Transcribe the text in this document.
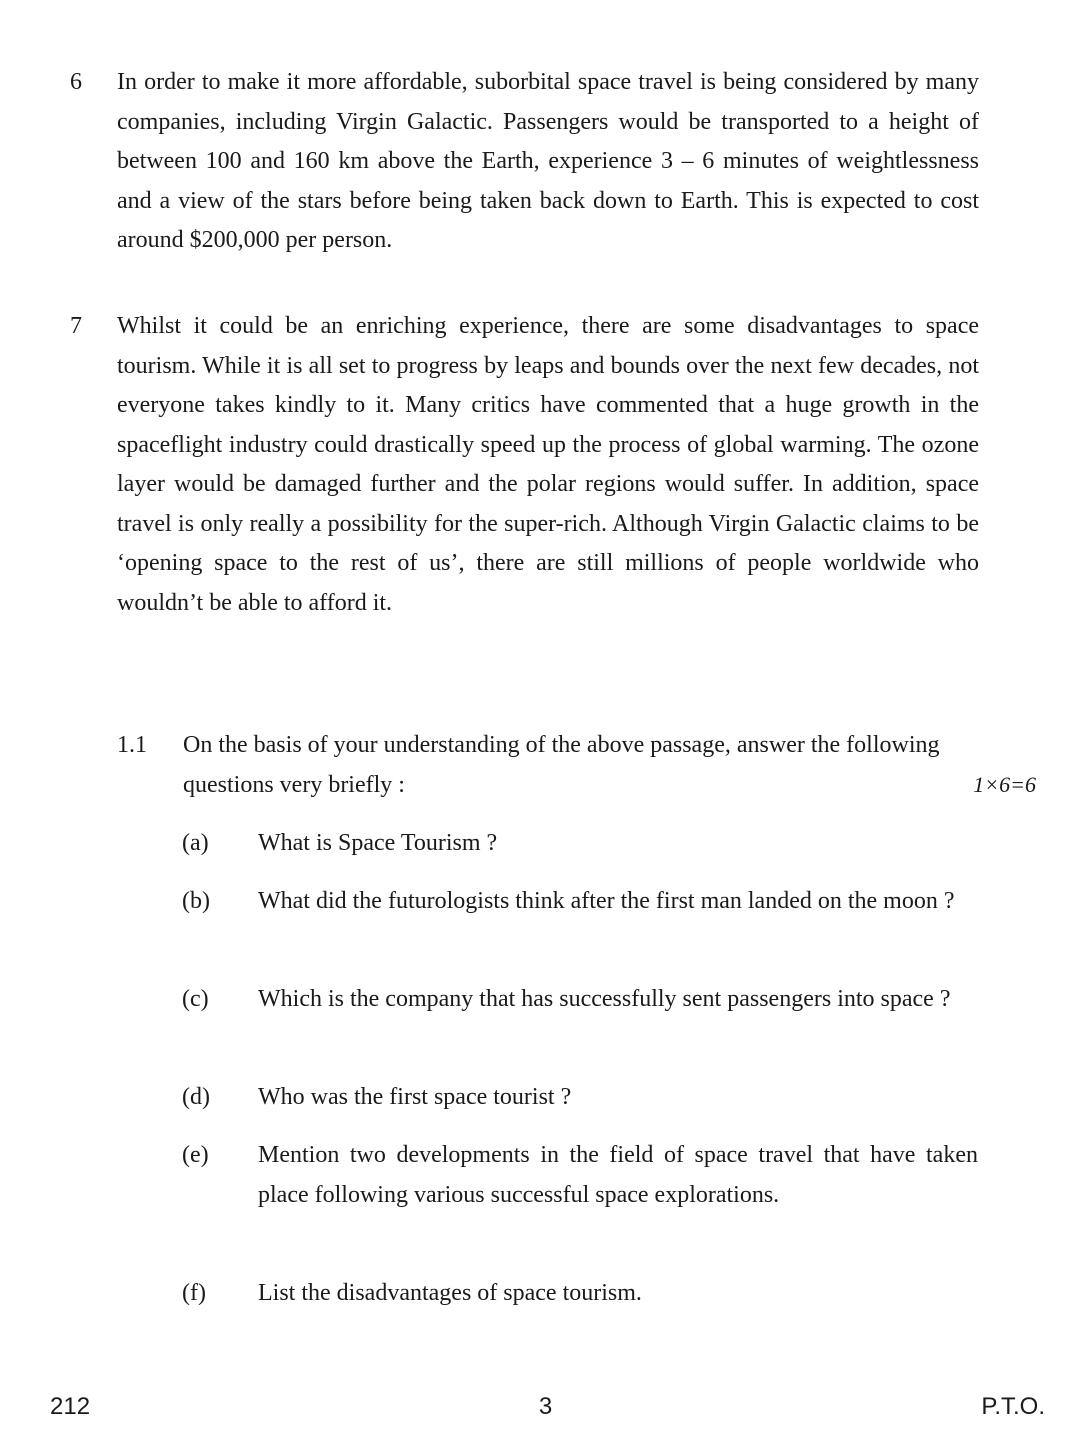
6 In order to make it more affordable, suborbital space travel is being considered by many companies, including Virgin Galactic. Passengers would be transported to a height of between 100 and 160 km above the Earth, experience 3 – 6 minutes of weightlessness and a view of the stars before being taken back down to Earth. This is expected to cost around $200,000 per person.

7 Whilst it could be an enriching experience, there are some disadvantages to space tourism. While it is all set to progress by leaps and bounds over the next few decades, not everyone takes kindly to it. Many critics have commented that a huge growth in the spaceflight industry could drastically speed up the process of global warming. The ozone layer would be damaged further and the polar regions would suffer. In addition, space travel is only really a possibility for the super-rich. Although Virgin Galactic claims to be ‘opening space to the rest of us’, there are still millions of people worldwide who wouldn’t be able to afford it.

1.1 On the basis of your understanding of the above passage, answer the following questions very briefly :	1×6=6
(a) What is Space Tourism ?

(b) What did the futurologists think after the first man landed on the moon ?

(c) Which is the company that has successfully sent passengers into space ?

(d) Who was the first space tourist ?

(e) Mention two developments in the field of space travel that have taken place following various successful space explorations.

(f) List the disadvantages of space tourism.

212	3	P.T.O.
